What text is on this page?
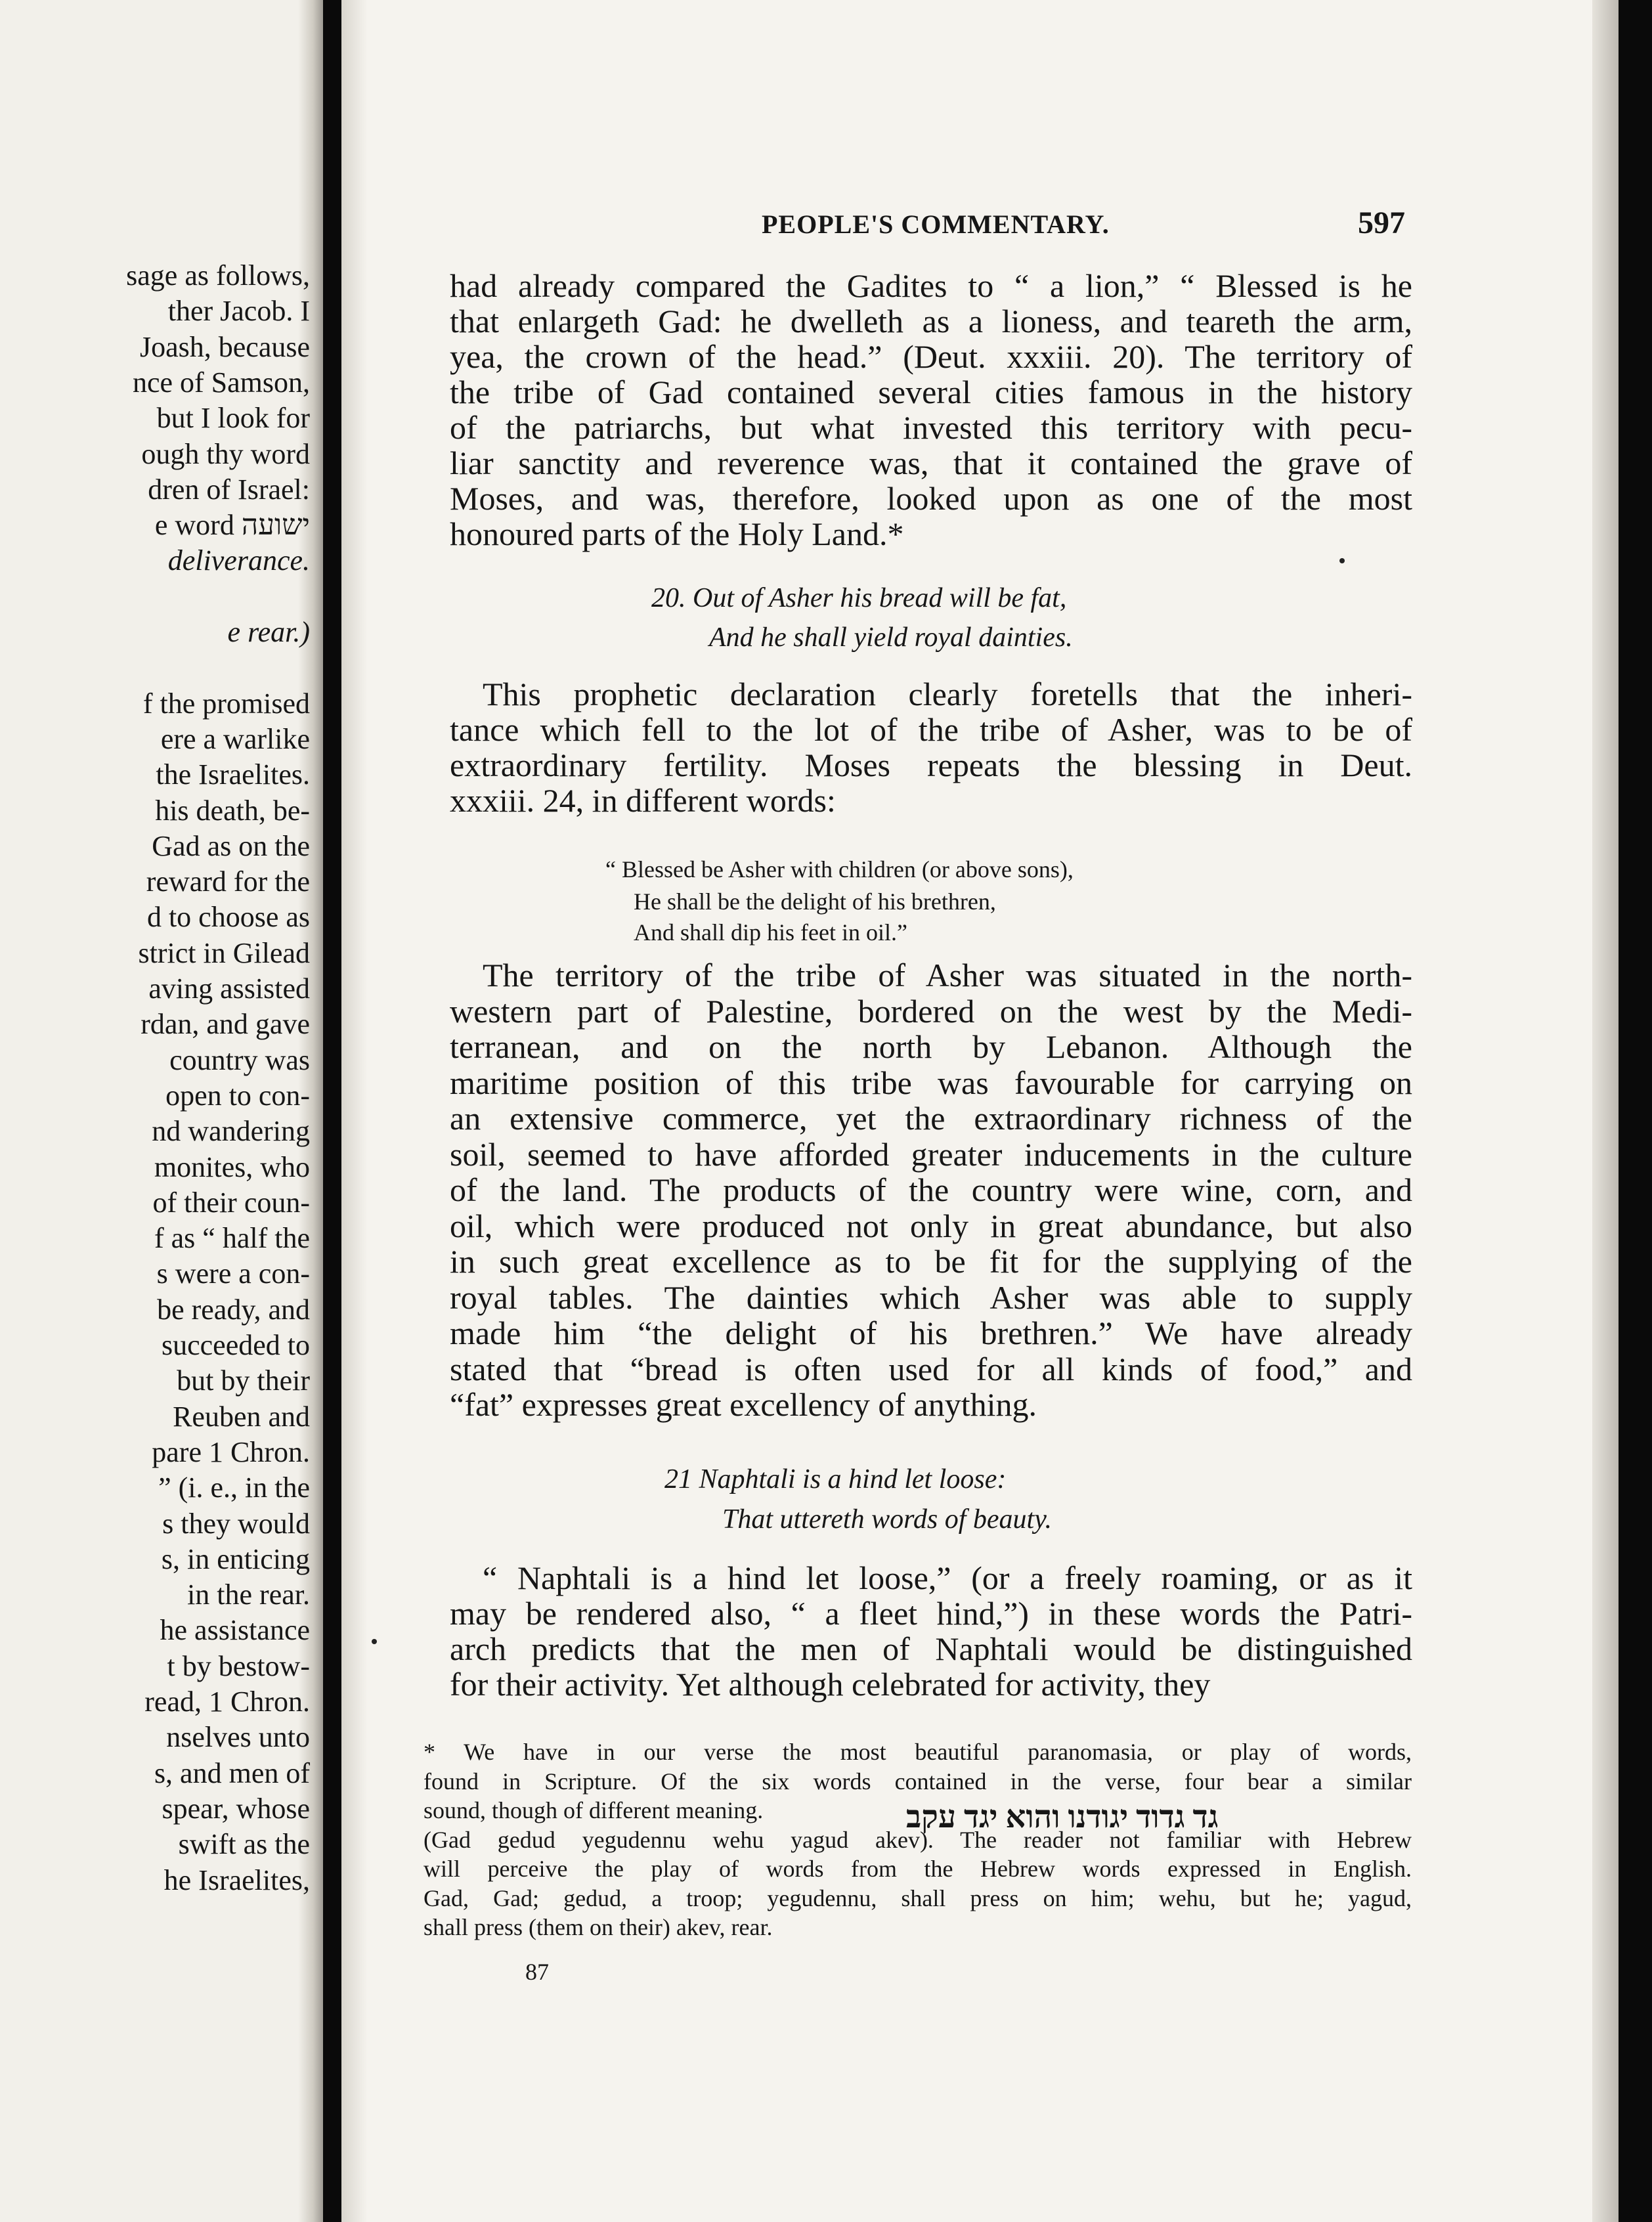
sage as follows,
ther Jacob. I
Joash, because
nce of Samson,
but I look for
ough thy word
dren of Israel:
e word ישועה
deliverance.
e rear.)
f the promised
ere a warlike
the Israelites.
his death, be-
Gad as on the
reward for the
d to choose as
strict in Gilead
aving assisted
rdan, and gave
country was
open to con-
nd wandering
monites, who
of their coun-
f as “ half the
s were a con-
be ready, and
succeeded to
but by their
Reuben and
pare 1 Chron.
” (i. e., in the
s they would
s, in enticing
in the rear.
he assistance
t by bestow-
read, 1 Chron.
nselves unto
s, and men of
spear, whose
swift as the
he Israelites,
PEOPLE'S COMMENTARY.	597
had already compared the Gadites to “ a lion,” “ Blessed is he
that enlargeth Gad: he dwelleth as a lioness, and teareth the arm,
yea, the crown of the head.” (Deut. xxxiii. 20). The territory of
the tribe of Gad contained several cities famous in the history
of the patriarchs, but what invested this territory with pecu-
liar sanctity and reverence was, that it contained the grave of
Moses, and was, therefore, looked upon as one of the most
honoured parts of the Holy Land.*
20. Out of Asher his bread will be fat,
And he shall yield royal dainties.
This prophetic declaration clearly foretells that the inheri-
tance which fell to the lot of the tribe of Asher, was to be of
extraordinary fertility. Moses repeats the blessing in Deut.
xxxiii. 24, in different words:
“ Blessed be Asher with children (or above sons),
He shall be the delight of his brethren,
And shall dip his feet in oil.”
The territory of the tribe of Asher was situated in the north-
western part of Palestine, bordered on the west by the Medi-
terranean, and on the north by Lebanon. Although the
maritime position of this tribe was favourable for carrying on
an extensive commerce, yet the extraordinary richness of the
soil, seemed to have afforded greater inducements in the culture
of the land. The products of the country were wine, corn, and
oil, which were produced not only in great abundance, but also
in such great excellence as to be fit for the supplying of the
royal tables. The dainties which Asher was able to supply
made him “the delight of his brethren.” We have already
stated that “bread is often used for all kinds of food,” and
“fat” expresses great excellency of anything.
21 Naphtali is a hind let loose:
That uttereth words of beauty.
“ Naphtali is a hind let loose,” (or a freely roaming, or as it
may be rendered also, “ a fleet hind,”) in these words the Patri-
arch predicts that the men of Naphtali would be distinguished
for their activity. Yet although celebrated for activity, they
* We have in our verse the most beautiful paranomasia, or play of words,
found in Scripture. Of the six words contained in the verse, four bear a similar
sound, though of different meaning.
(Gad gedud yegudennu wehu yagud akev). The reader not familiar with Hebrew
will perceive the play of words from the Hebrew words expressed in English.
Gad, Gad; gedud, a troop; yegudennu, shall press on him; wehu, but he; yagud,
shall press (them on their) akev, rear.
גד גדוד יגודנו והוא יגד עקב
87
